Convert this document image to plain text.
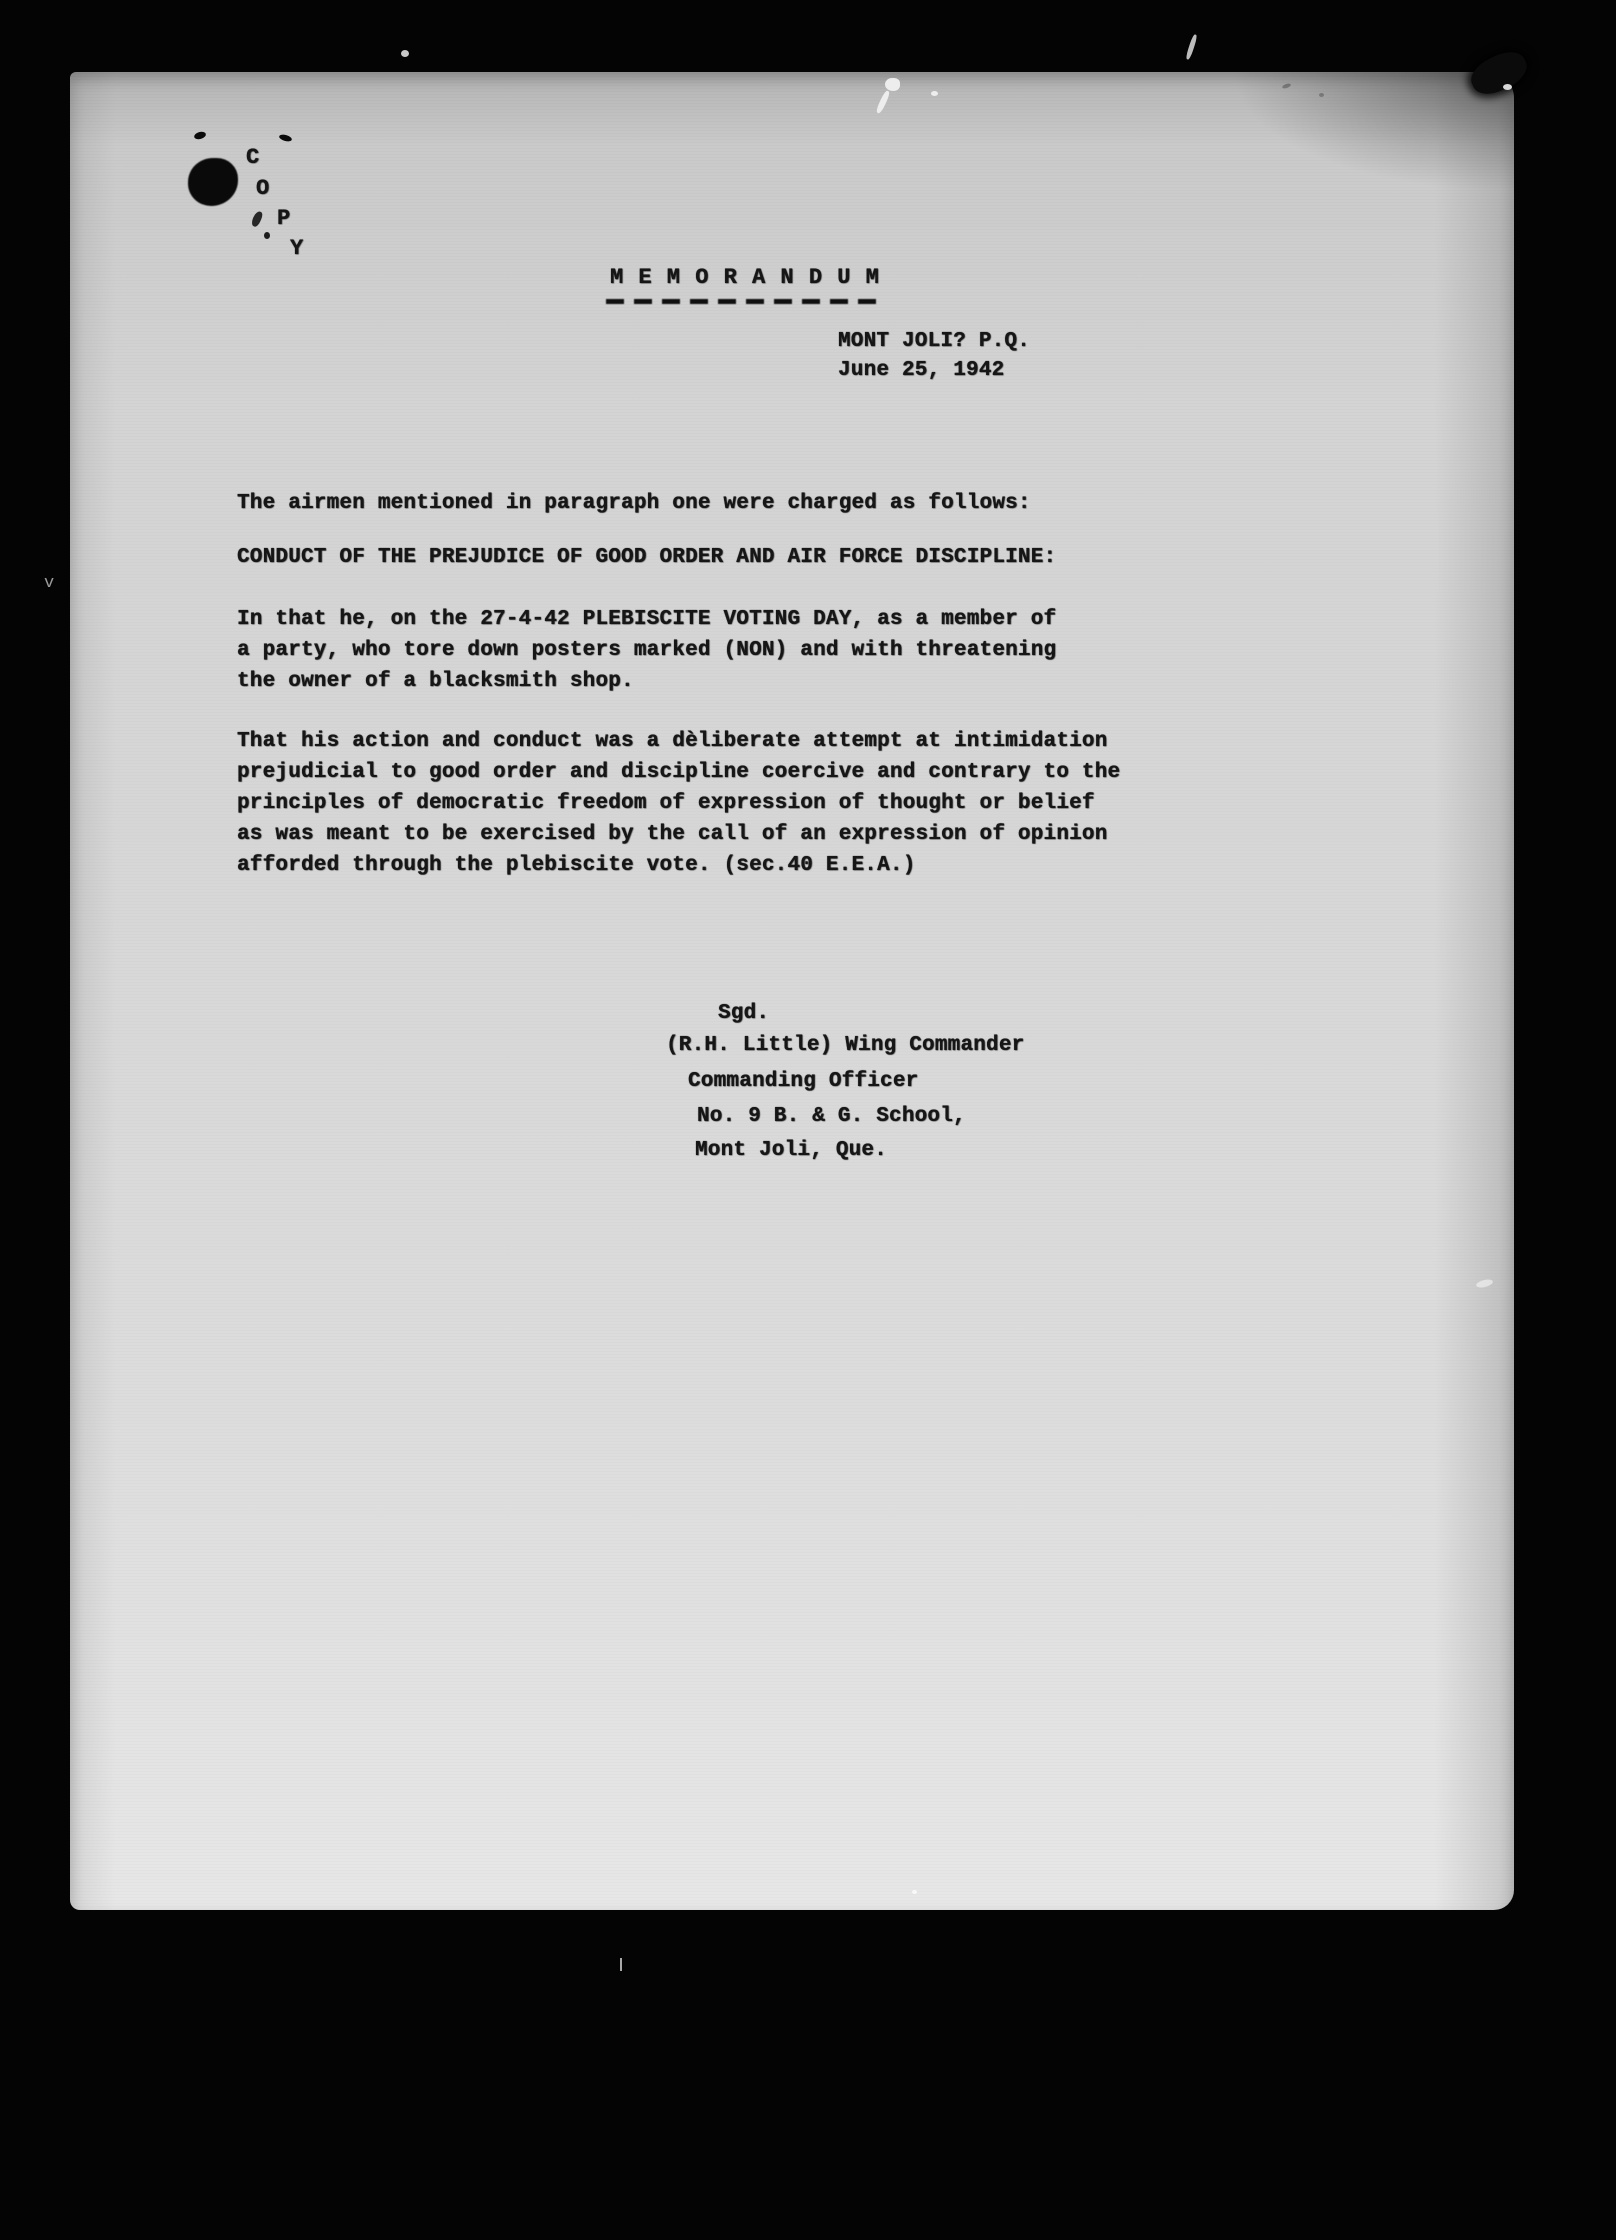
C
O
P
Y
M E M O R A N D U M
MONT JOLI? P.Q.
June 25, 1942
The airmen mentioned in paragraph one were charged as follows:
CONDUCT OF THE PREJUDICE OF GOOD ORDER AND AIR FORCE DISCIPLINE:
In that he, on the 27-4-42 PLEBISCITE VOTING DAY, as a member of
a party, who tore down posters marked (NON) and with threatening
the owner of a blacksmith shop.
That his action and conduct was a dèliberate attempt at intimidation
prejudicial to good order and discipline coercive and contrary to the
principles of democratic freedom of expression of thought or belief
as was meant to be exercised by the call of an expression of opinion
afforded through the plebiscite vote. (sec.40 E.E.A.)
Sgd.
(R.H. Little) Wing Commander
Commanding Officer
No. 9 B. & G. School,
Mont Joli, Que.
v
